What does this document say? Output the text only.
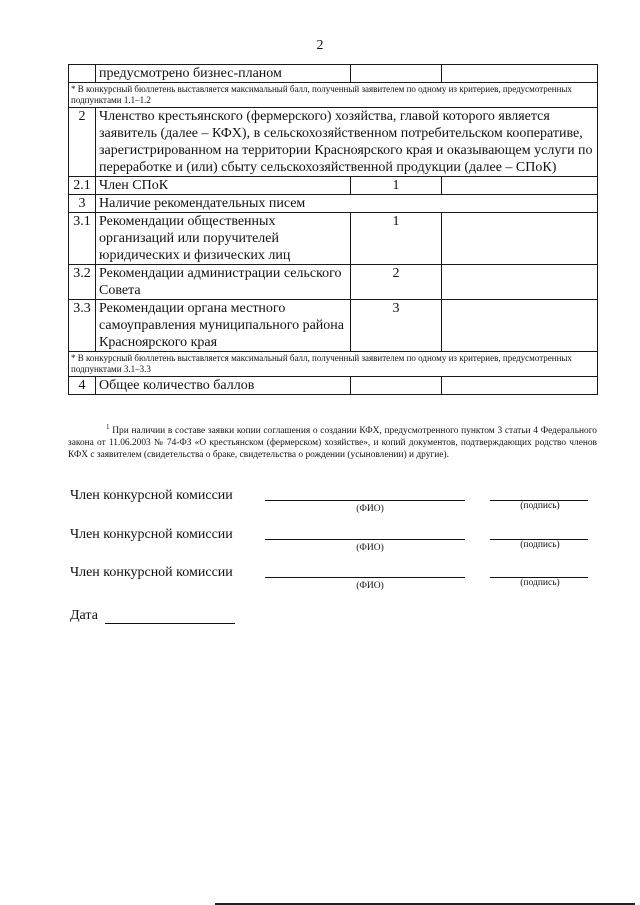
2
	предусмотрено бизнес-планом		
* В конкурсный бюллетень выставляется максимальный балл, полученный заявителем по одному из критериев, предусмотренных подпунктами 1.1–1.2			
2	Членство крестьянского (фермерского) хозяйства, главой которого является заявитель (далее – КФХ), в сельскохозяйственном потребительском кооперативе, зарегистрированном на территории Красноярского края и оказывающем услуги по переработке и (или) сбыту сельскохозяйственной продукции (далее – СПоК)		
2.1	Член СПоК	1	
3	Наличие рекомендательных писем		
3.1	Рекомендации общественных организаций или поручителей юридических и физических лиц	1	
3.2	Рекомендации администрации сельского Совета	2	
3.3	Рекомендации органа местного самоуправления муниципального района Красноярского края	3	
* В конкурсный бюллетень выставляется максимальный балл, полученный заявителем по одному из критериев, предусмотренных подпунктами 3.1–3.3			
4	Общее количество баллов		
$^1$ При наличии в составе заявки копии соглашения о создании КФХ, предусмотренного пунктом 3 статьи 4 Федерального закона от 11.06.2003 № 74-ФЗ «О крестьянском (фермерском) хозяйстве», и копий документов, подтверждающих родство членов КФХ с заявителем (свидетельства о браке, свидетельства о рождении (усыновлении) и другие).
Член конкурсной комиссии
(ФИО)	(подпись)
Член конкурсной комиссии
(ФИО)	(подпись)
Член конкурсной комиссии
(ФИО)	(подпись)
Дата
